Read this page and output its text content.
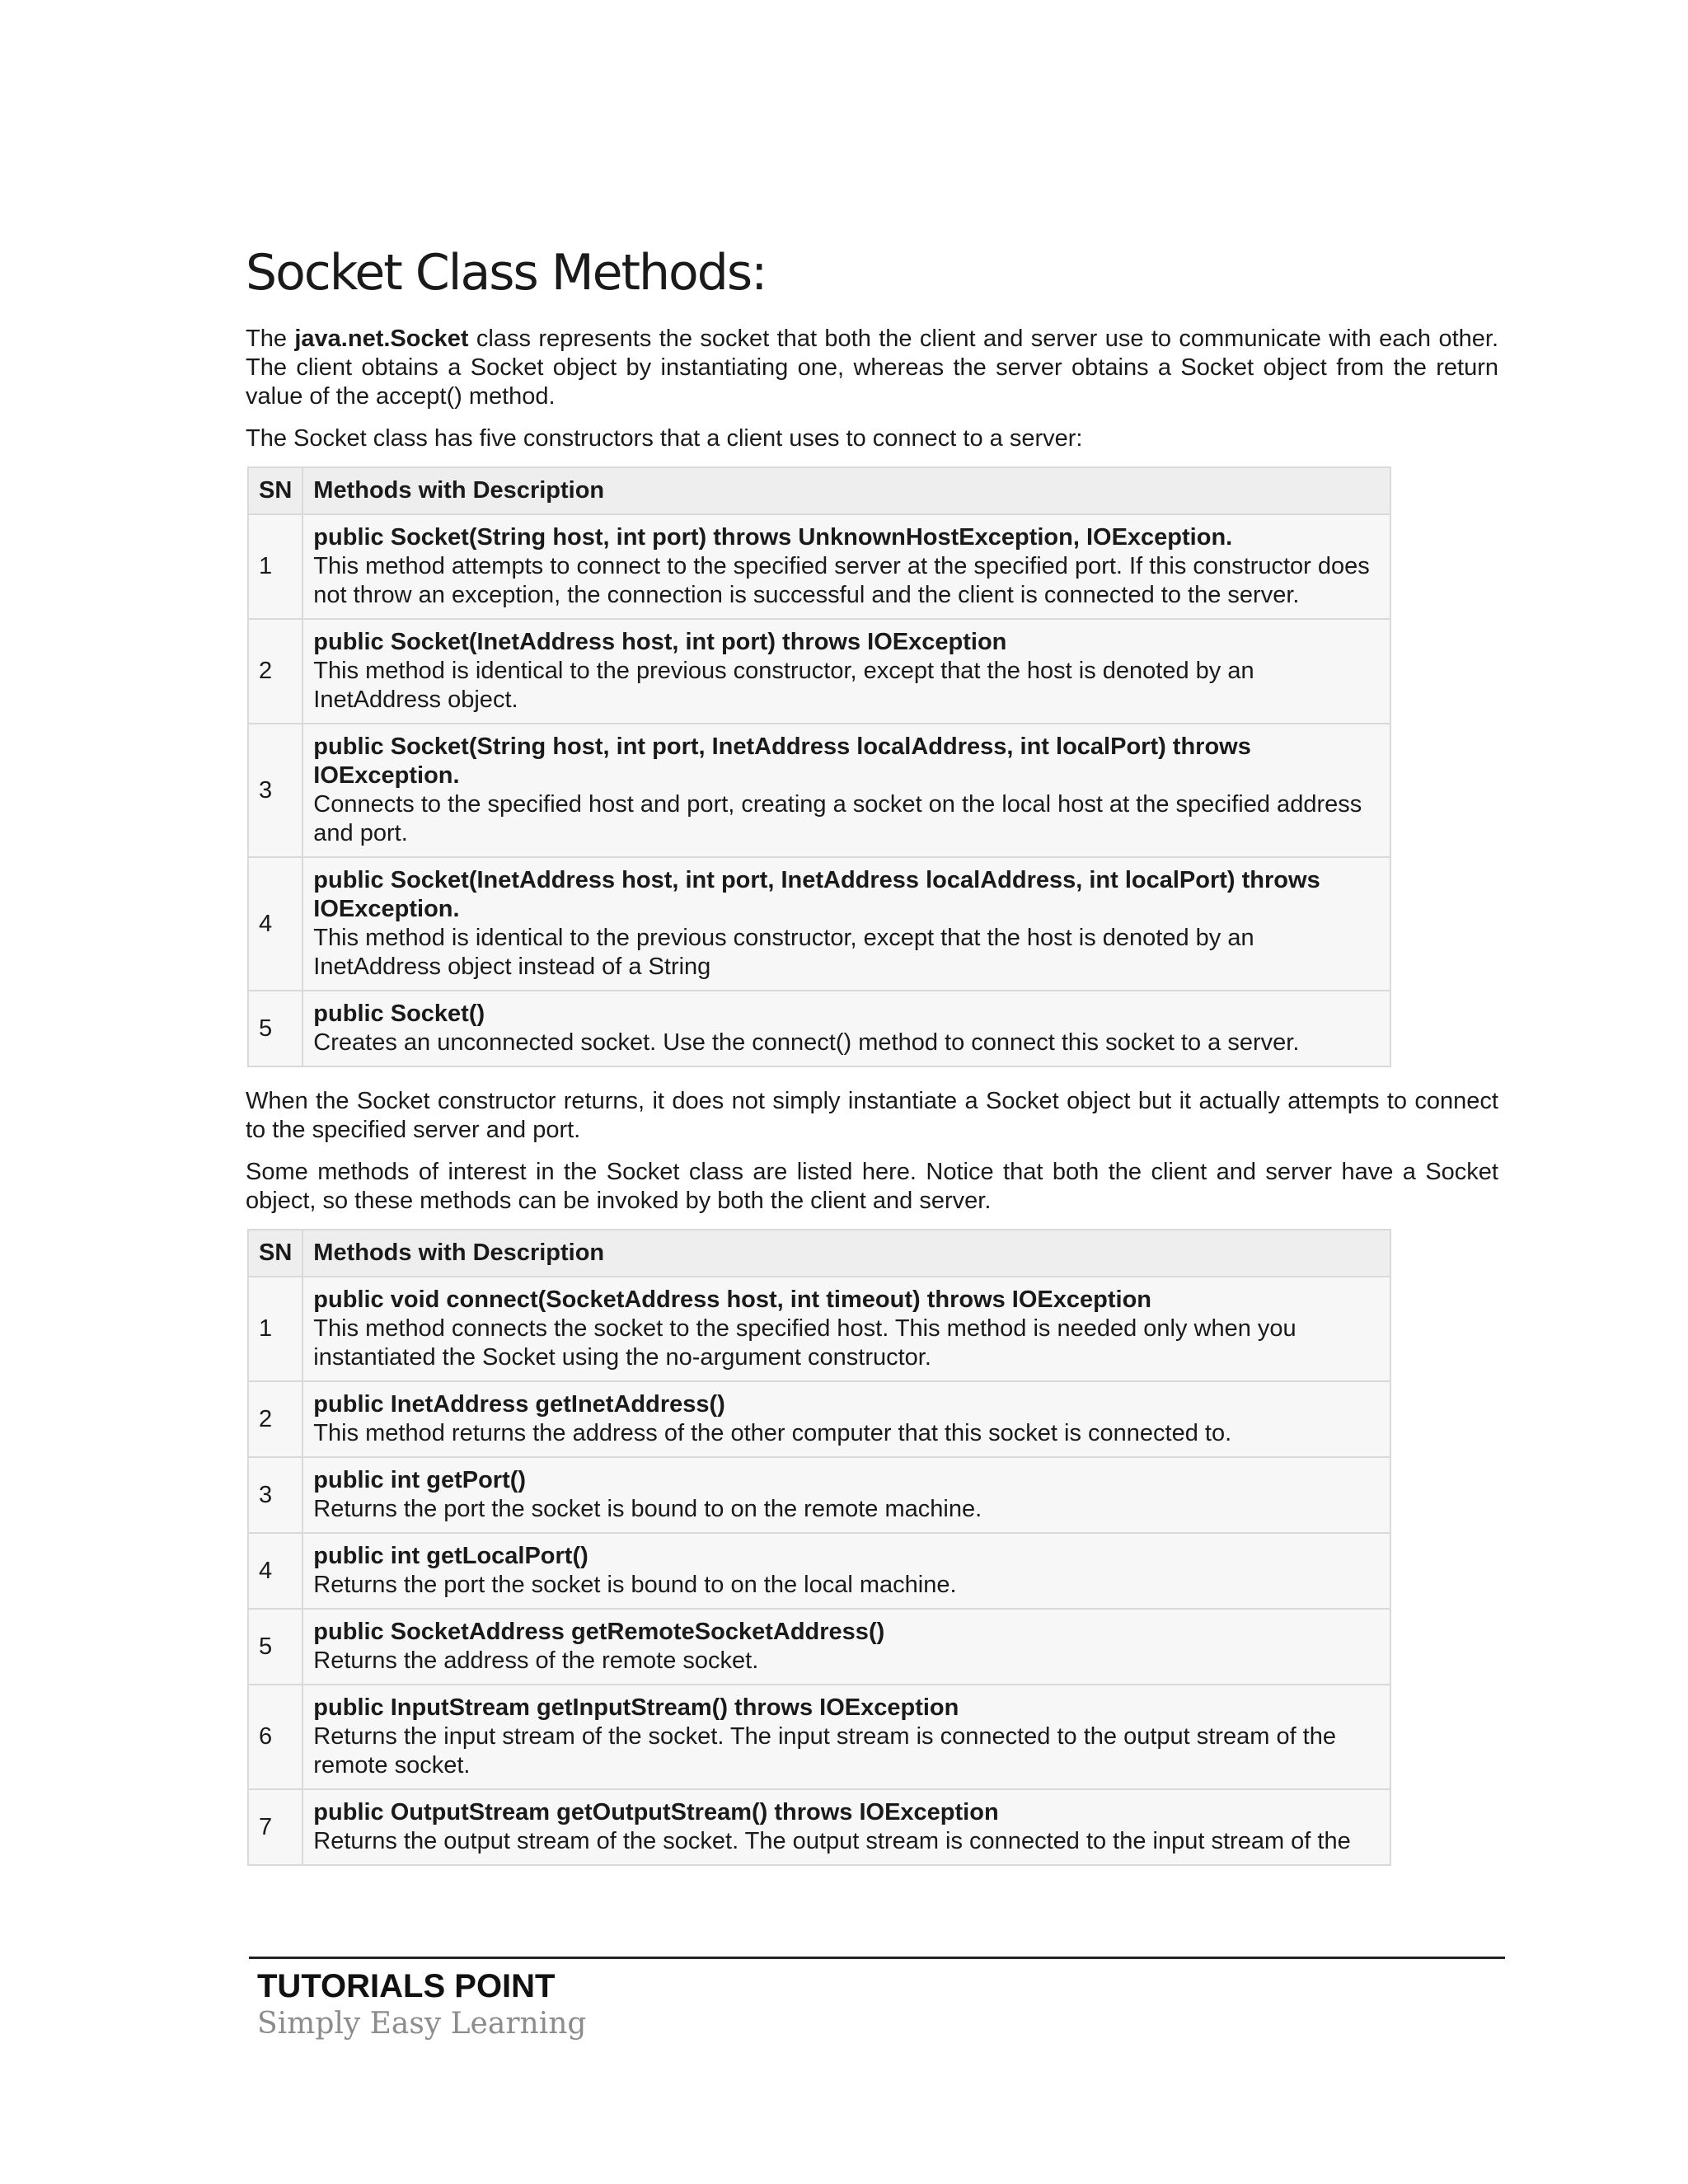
Socket Class Methods:

The java.net.Socket class represents the socket that both the client and server use to communicate with each other. The client obtains a Socket object by instantiating one, whereas the server obtains a Socket object from the return value of the accept() method.

The Socket class has five constructors that a client uses to connect to a server:

SN	Methods with Description
1	public Socket(String host, int port) throws UnknownHostException, IOException.
This method attempts to connect to the specified server at the specified port. If this constructor does not throw an exception, the connection is successful and the client is connected to the server.

2	public Socket(InetAddress host, int port) throws IOException
This method is identical to the previous constructor, except that the host is denoted by an InetAddress object.

3	public Socket(String host, int port, InetAddress localAddress, int localPort) throws IOException.
Connects to the specified host and port, creating a socket on the local host at the specified address and port.

4	public Socket(InetAddress host, int port, InetAddress localAddress, int localPort) throws IOException.
This method is identical to the previous constructor, except that the host is denoted by an InetAddress object instead of a String

5	public Socket()
Creates an unconnected socket. Use the connect() method to connect this socket to a server.

When the Socket constructor returns, it does not simply instantiate a Socket object but it actually attempts to connect to the specified server and port.

Some methods of interest in the Socket class are listed here. Notice that both the client and server have a Socket object, so these methods can be invoked by both the client and server.

SN	Methods with Description
1	public void connect(SocketAddress host, int timeout) throws IOException
This method connects the socket to the specified host. This method is needed only when you instantiated the Socket using the no-argument constructor.

2	public InetAddress getInetAddress()
This method returns the address of the other computer that this socket is connected to.

3	public int getPort()
Returns the port the socket is bound to on the remote machine.

4	public int getLocalPort()
Returns the port the socket is bound to on the local machine.

5	public SocketAddress getRemoteSocketAddress()
Returns the address of the remote socket.

6	public InputStream getInputStream() throws IOException
Returns the input stream of the socket. The input stream is connected to the output stream of the remote socket.

7	public OutputStream getOutputStream() throws IOException
Returns the output stream of the socket. The output stream is connected to the input stream of the
TUTORIALS POINT
Simply Easy Learning
